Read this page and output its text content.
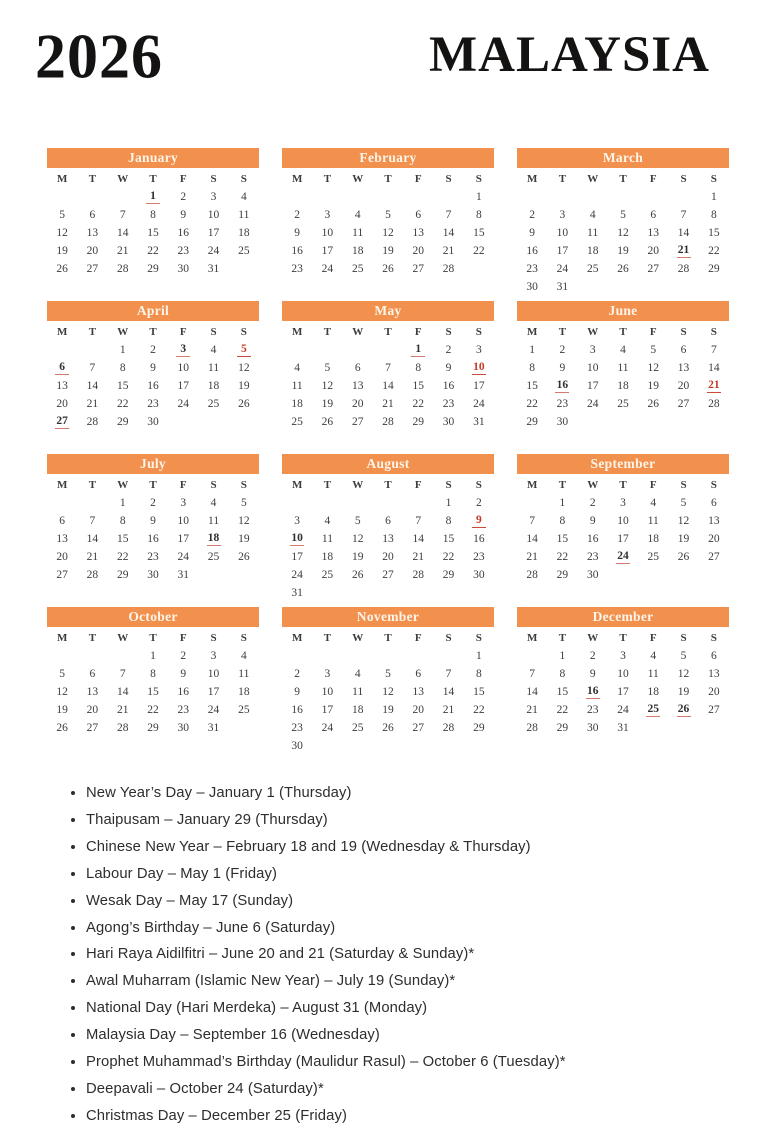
2026	MALAYSIA
January
M	T	W	T	F	S	S
			1	2	3	4
5	6	7	8	9	10	11
12	13	14	15	16	17	18
19	20	21	22	23	24	25
26	27	28	29	30	31	
February
M	T	W	T	F	S	S
						1
2	3	4	5	6	7	8
9	10	11	12	13	14	15
16	17	18	19	20	21	22
23	24	25	26	27	28	
March
M	T	W	T	F	S	S
						1
2	3	4	5	6	7	8
9	10	11	12	13	14	15
16	17	18	19	20	21	22
23	24	25	26	27	28	29
30	31					
April
M	T	W	T	F	S	S
		1	2	3	4	5
6	7	8	9	10	11	12
13	14	15	16	17	18	19
20	21	22	23	24	25	26
27	28	29	30			
May
M	T	W	T	F	S	S
				1	2	3
4	5	6	7	8	9	10
11	12	13	14	15	16	17
18	19	20	21	22	23	24
25	26	27	28	29	30	31
June
M	T	W	T	F	S	S
1	2	3	4	5	6	7
8	9	10	11	12	13	14
15	16	17	18	19	20	21
22	23	24	25	26	27	28
29	30					
July
M	T	W	T	F	S	S
		1	2	3	4	5
6	7	8	9	10	11	12
13	14	15	16	17	18	19
20	21	22	23	24	25	26
27	28	29	30	31		
August
M	T	W	T	F	S	S
					1	2
3	4	5	6	7	8	9
10	11	12	13	14	15	16
17	18	19	20	21	22	23
24	25	26	27	28	29	30
31						
September
M	T	W	T	F	S	S
	1	2	3	4	5	6
7	8	9	10	11	12	13
14	15	16	17	18	19	20
21	22	23	24	25	26	27
28	29	30				
October
M	T	W	T	F	S	S
			1	2	3	4
5	6	7	8	9	10	11
12	13	14	15	16	17	18
19	20	21	22	23	24	25
26	27	28	29	30	31	
November
M	T	W	T	F	S	S
						1
2	3	4	5	6	7	8
9	10	11	12	13	14	15
16	17	18	19	20	21	22
23	24	25	26	27	28	29
30						
December
M	T	W	T	F	S	S
	1	2	3	4	5	6
7	8	9	10	11	12	13
14	15	16	17	18	19	20
21	22	23	24	25	26	27
28	29	30	31			
• New Year’s Day – January 1 (Thursday)
• Thaipusam – January 29 (Thursday)
• Chinese New Year – February 18 and 19 (Wednesday & Thursday)
• Labour Day – May 1 (Friday)
• Wesak Day – May 17 (Sunday)
• Agong’s Birthday – June 6 (Saturday)
• Hari Raya Aidilfitri – June 20 and 21 (Saturday & Sunday)*
• Awal Muharram (Islamic New Year) – July 19 (Sunday)*
• National Day (Hari Merdeka) – August 31 (Monday)
• Malaysia Day – September 16 (Wednesday)
• Prophet Muhammad’s Birthday (Maulidur Rasul) – October 6 (Tuesday)*
• Deepavali – October 24 (Saturday)*
• Christmas Day – December 25 (Friday)
